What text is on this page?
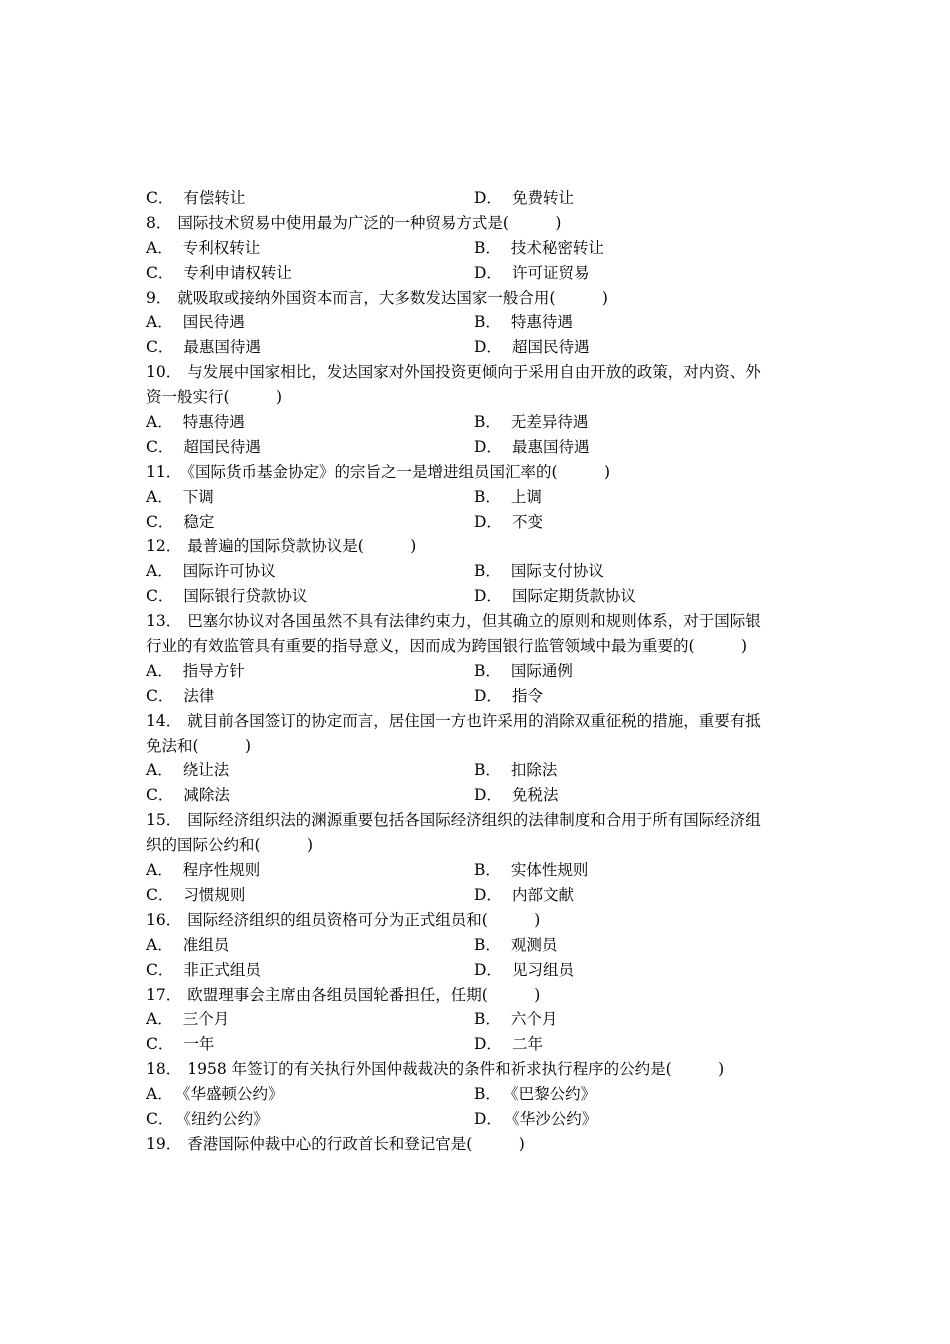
C． 有偿转让	D． 免费转让
8． 国际技术贸易中使用最为广泛的一种贸易方式是(　　　)
A． 专利权转让	B． 技术秘密转让
C． 专利申请权转让	D． 许可证贸易
9． 就吸取或接纳外国资本而言，大多数发达国家一般合用(　　　)
A． 国民待遇	B． 特惠待遇
C． 最惠国待遇	D． 超国民待遇
10． 与发展中国家相比，发达国家对外国投资更倾向于采用自由开放的政策，对内资、外
资一般实行(　　　)
A． 特惠待遇	B． 无差异待遇
C． 超国民待遇	D． 最惠国待遇
11． 《国际货币基金协定》的宗旨之一是增进组员国汇率的(　　　)
A． 下调	B． 上调
C． 稳定	D． 不变
12． 最普遍的国际贷款协议是(　　　)
A． 国际许可协议	B． 国际支付协议
C． 国际银行贷款协议	D． 国际定期货款协议
13． 巴塞尔协议对各国虽然不具有法律约束力，但其确立的原则和规则体系，对于国际银
行业的有效监管具有重要的指导意义，因而成为跨国银行监管领域中最为重要的(　　　)
A． 指导方针	B． 国际通例
C． 法律	D． 指令
14． 就目前各国签订的协定而言，居住国一方也许采用的消除双重征税的措施，重要有抵
免法和(　　　)
A． 绕让法	B． 扣除法
C． 减除法	D． 免税法
15． 国际经济组织法的渊源重要包括各国际经济组织的法律制度和合用于所有国际经济组
织的国际公约和(　　　)
A． 程序性规则	B． 实体性规则
C． 习惯规则	D． 内部文献
16． 国际经济组织的组员资格可分为正式组员和(　　　)
A． 准组员	B． 观测员
C． 非正式组员	D． 见习组员
17． 欧盟理事会主席由各组员国轮番担任，任期(　　　)
A． 三个月	B． 六个月
C． 一年	D． 二年
18． 1958 年签订的有关执行外国仲裁裁决的条件和祈求执行程序的公约是(　　　)
A． 《华盛顿公约》	B． 《巴黎公约》
C． 《纽约公约》	D． 《华沙公约》
19． 香港国际仲裁中心的行政首长和登记官是(　　　)
